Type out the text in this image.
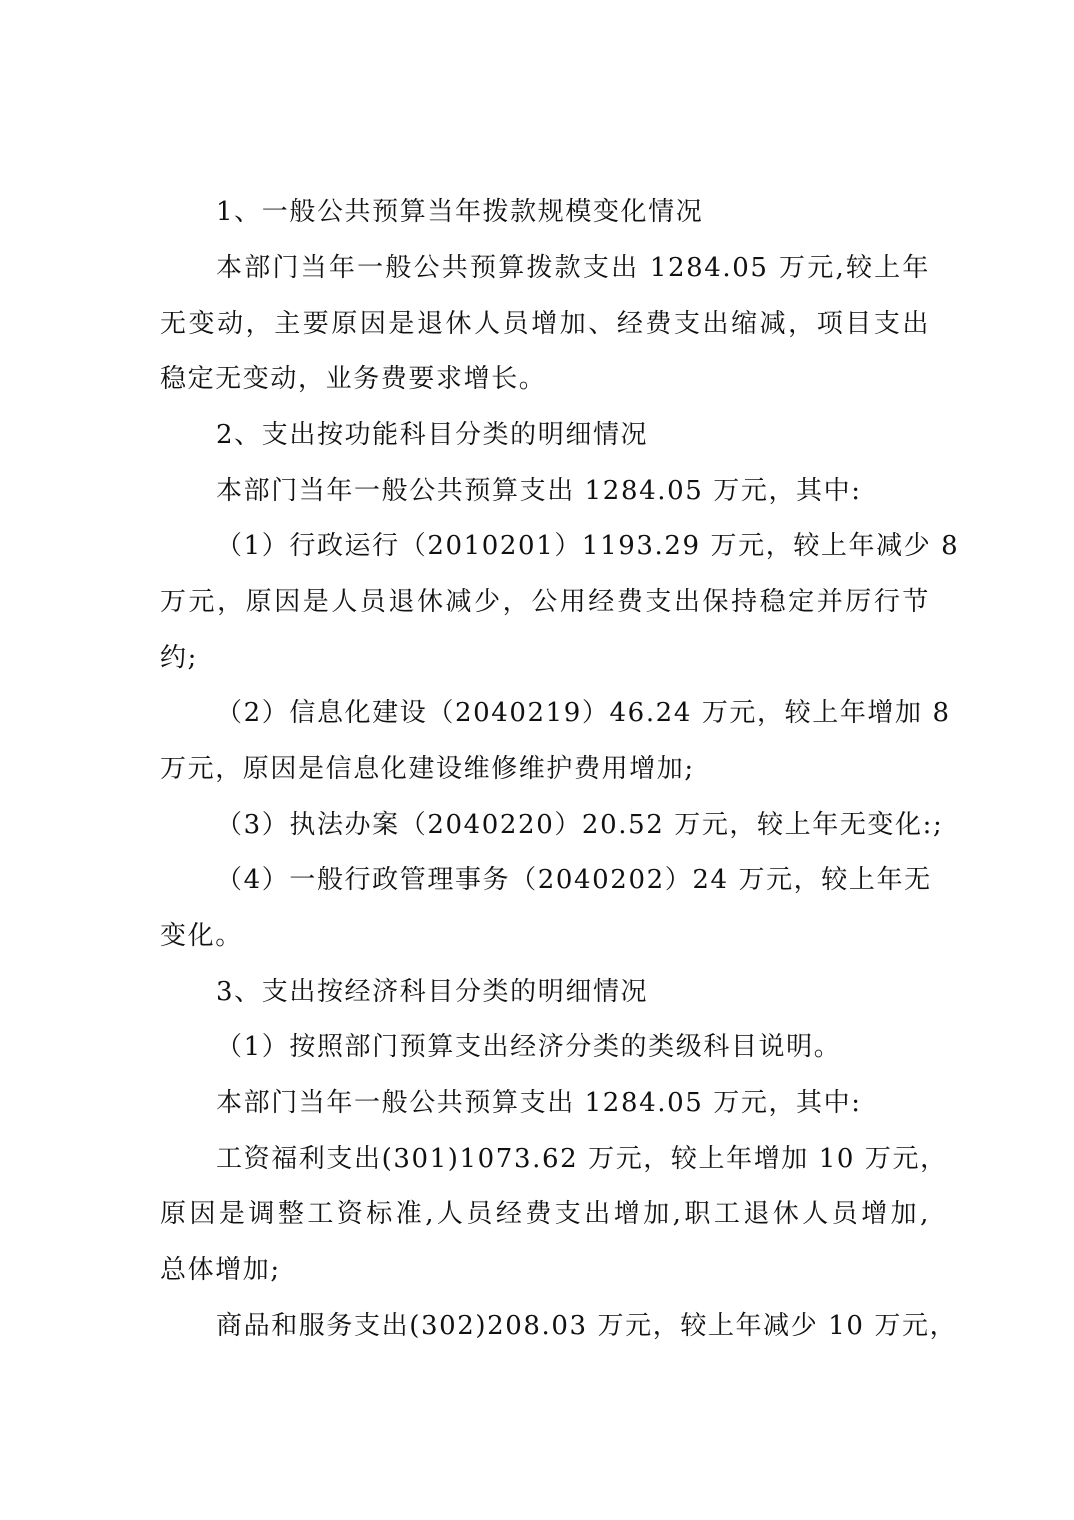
1、一般公共预算当年拨款规模变化情况
本部门当年一般公共预算拨款支出 1284.05 万元,较上年
无变动，主要原因是退休人员增加、经费支出缩减，项目支出
稳定无变动，业务费要求增长。
2、支出按功能科目分类的明细情况
本部门当年一般公共预算支出 1284.05 万元，其中:
（1）行政运行（2010201）1193.29 万元，较上年减少 8
万元，原因是人员退休减少，公用经费支出保持稳定并厉行节
约;
（2）信息化建设（2040219）46.24 万元，较上年增加 8
万元，原因是信息化建设维修维护费用增加;
（3）执法办案（2040220）20.52 万元，较上年无变化:;
（4）一般行政管理事务（2040202）24 万元，较上年无
变化。
3、支出按经济科目分类的明细情况
（1）按照部门预算支出经济分类的类级科目说明。
本部门当年一般公共预算支出 1284.05 万元，其中:
工资福利支出(301)1073.62 万元，较上年增加 10 万元，
原因是调整工资标准,人员经费支出增加,职工退休人员增加,
总体增加;
商品和服务支出(302)208.03 万元，较上年减少 10 万元，
